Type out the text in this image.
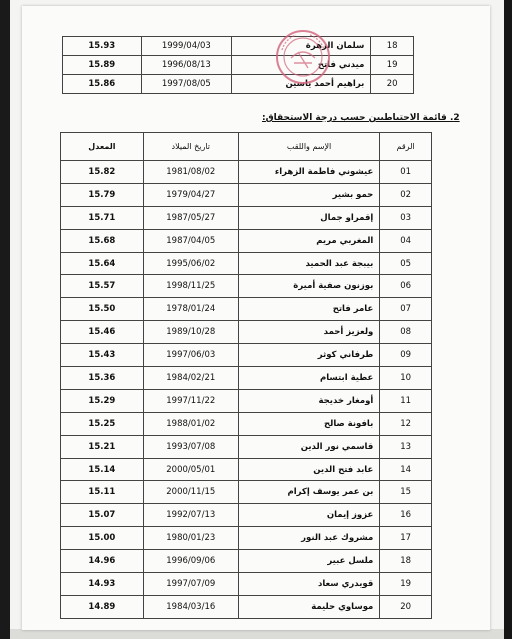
15.93	1999/04/03	سلمان الزهرة	18
15.89	1996/08/13	ميدني فاتح	19
15.86	1997/08/05	براهيم أحمد ياسين	20
2. قائمة الاحتياطيين حسب درجة الاستحقاق:
المعدل	تاريخ الميلاد	الإسم واللقب	الرقم
15.82	1981/08/02	عيشوني فاطمة الزهراء	01
15.79	1979/04/27	حمو بشير	02
15.71	1987/05/27	إقمراو جمال	03
15.68	1987/04/05	المغربي مريم	04
15.64	1995/06/02	بيبجة عبد الحميد	05
15.57	1998/11/25	بوزنون صفية أميرة	06
15.50	1978/01/24	عامر فاتح	07
15.46	1989/10/28	ولعزيز أحمد	08
15.43	1997/06/03	طرفاني كوثر	09
15.36	1984/02/21	عطية ابتسام	10
15.29	1997/11/22	أومغار خديجة	11
15.25	1988/01/02	بافونة صالح	12
15.21	1993/07/08	قاسمي نور الدين	13
15.14	2000/05/01	عابد فتح الدين	14
15.11	2000/11/15	بن عمر يوسف إكرام	15
15.07	1992/07/13	عزوز إيمان	16
15.00	1980/01/23	مشروك عبد النور	17
14.96	1996/09/06	ملسل عبير	18
14.93	1997/07/09	قويدري سعاد	19
14.89	1984/03/16	موساوي حليمة	20
